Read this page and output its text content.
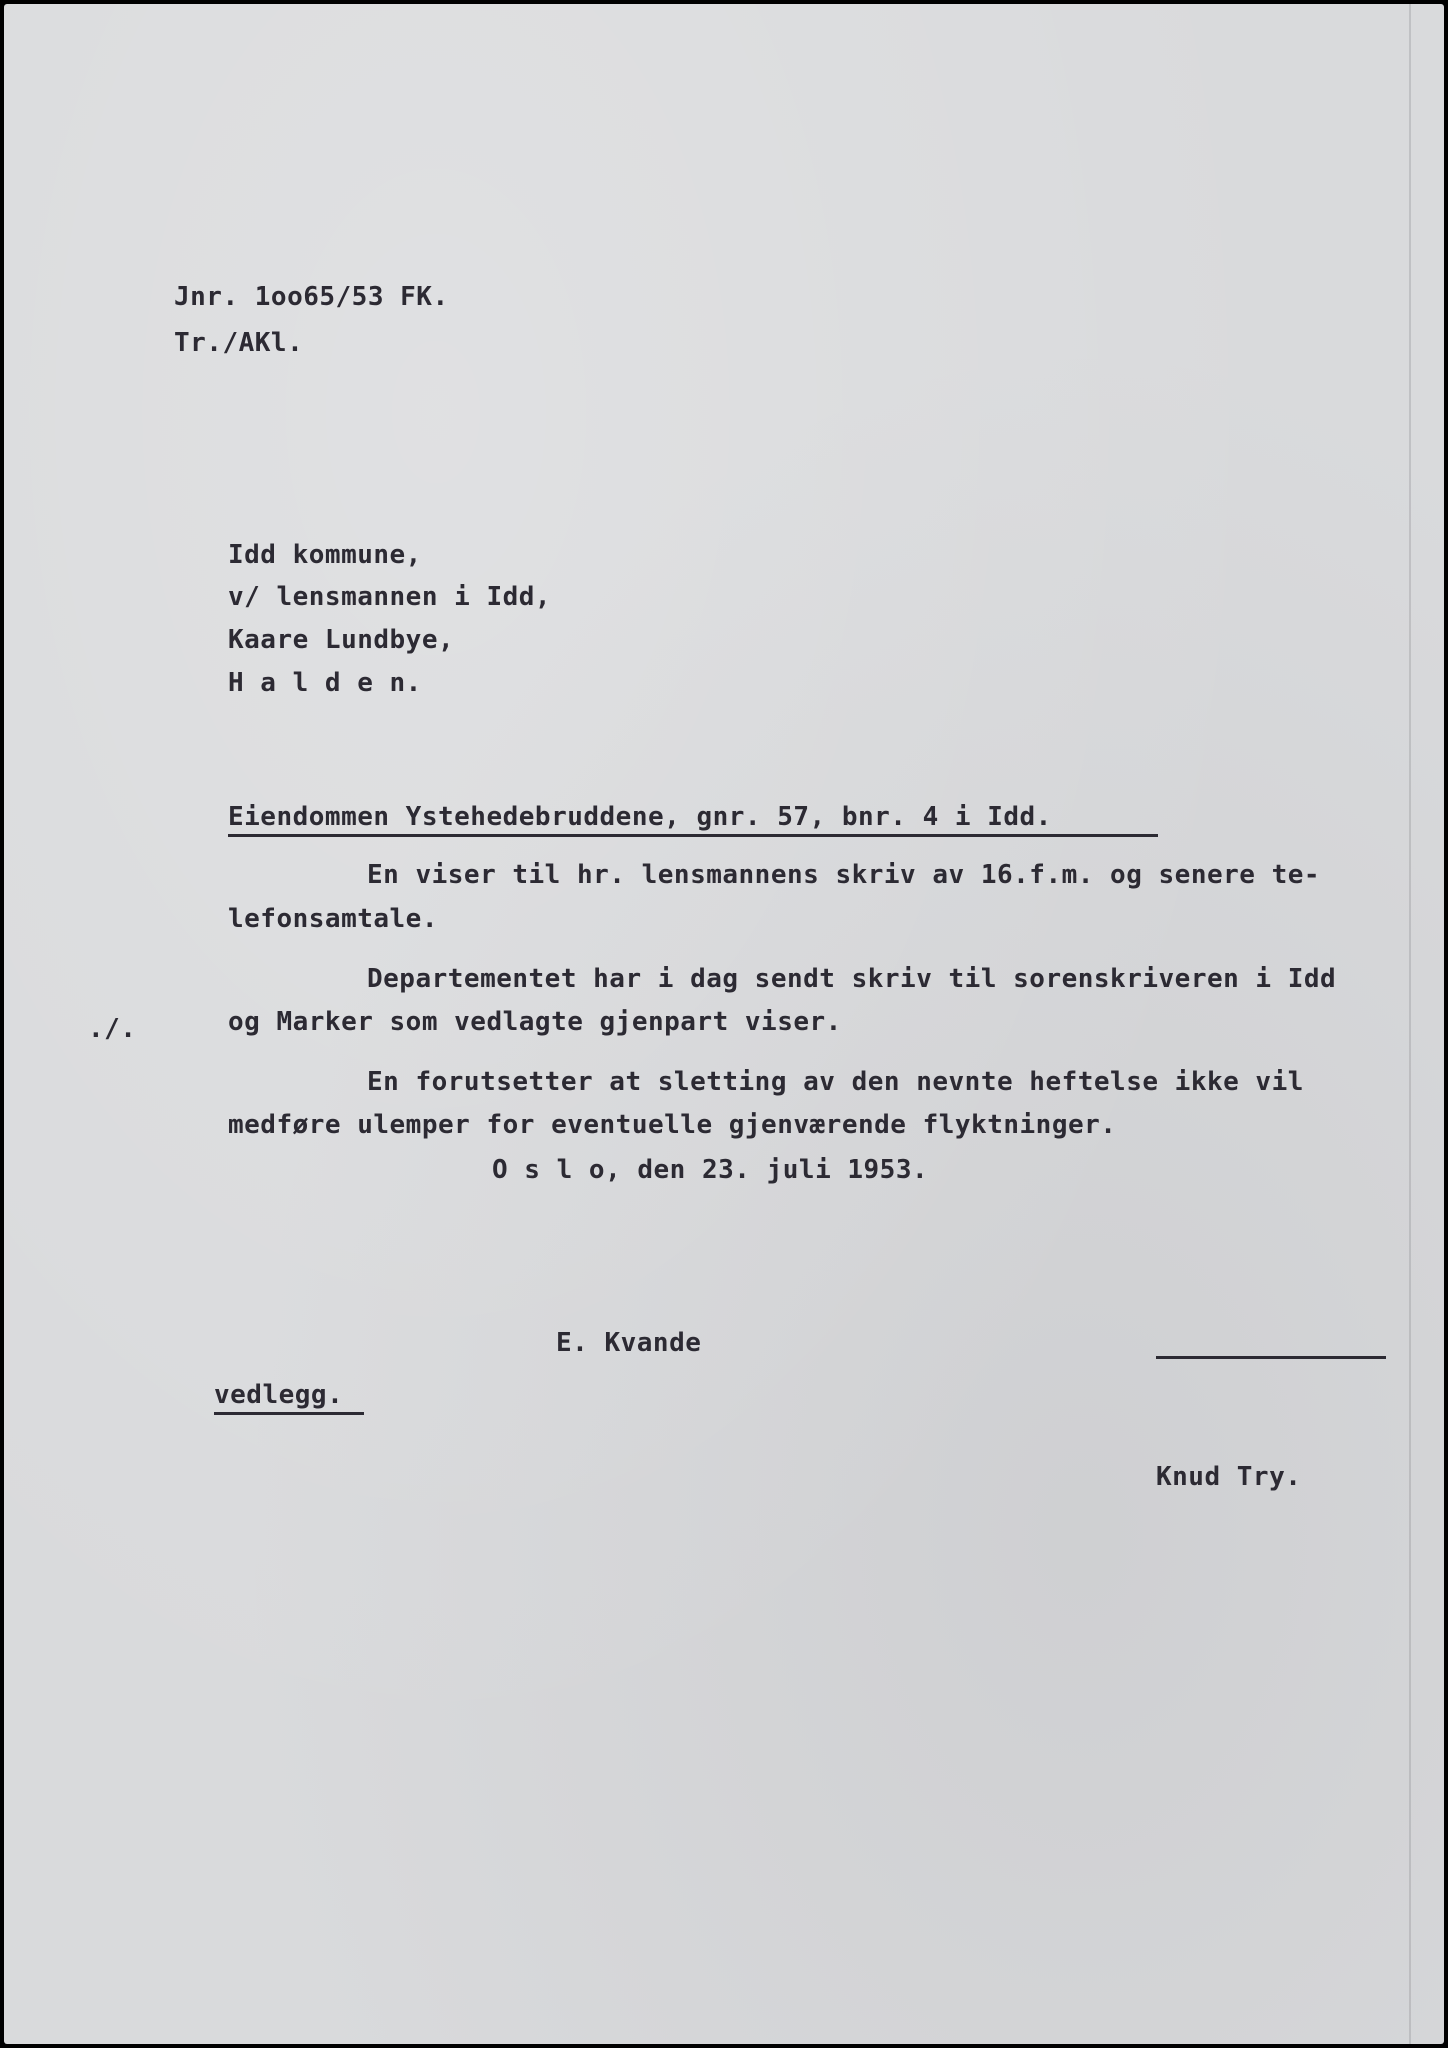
Jnr. 1oo65/53 FK.
Tr./AKl.
Idd kommune,
v/ lensmannen i Idd,
Kaare Lundbye,
H a l d e n.
Eiendommen Ystehedebruddene, gnr. 57, bnr. 4 i Idd.
En viser til hr. lensmannens skriv av 16.f.m. og senere te-
lefonsamtale.
Departementet har i dag sendt skriv til sorenskriveren i Idd
og Marker som vedlagte gjenpart viser.
./.
En forutsetter at sletting av den nevnte heftelse ikke vil
medføre ulemper for eventuelle gjenværende flyktninger.
O s l o, den 23. juli 1953.
E. Kvande
vedlegg.
Knud Try.
